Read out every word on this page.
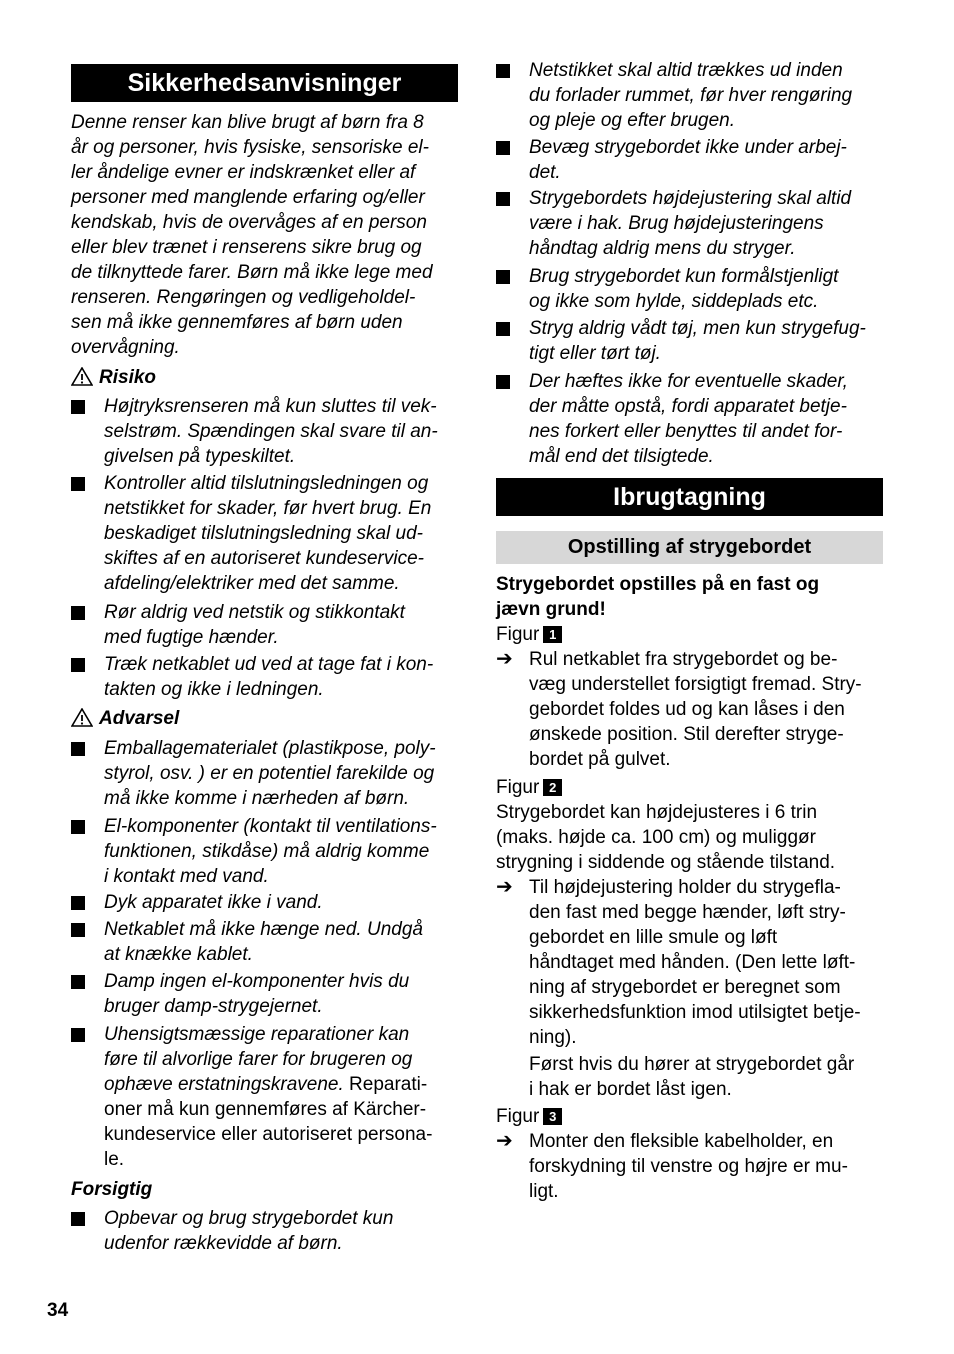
Sikkerhedsanvisninger
Denne renser kan blive brugt af børn fra 8
år og personer, hvis fysiske, sensoriske el-
ler åndelige evner er indskrænket eller af
personer med manglende erfaring og/eller
kendskab, hvis de overvåges af en person
eller blev trænet i renserens sikre brug og
de tilknyttede farer. Børn må ikke lege med
renseren. Rengøringen og vedligeholdel-
sen må ikke gennemføres af børn uden
overvågning.
Risiko
Højtryksrenseren må kun sluttes til vek-
selstrøm. Spændingen skal svare til an-
givelsen på typeskiltet.
Kontroller altid tilslutningsledningen og
netstikket for skader, før hvert brug. En
beskadiget tilslutningsledning skal ud-
skiftes af en autoriseret kundeservice-
afdeling/elektriker med det samme.
Rør aldrig ved netstik og stikkontakt
med fugtige hænder.
Træk netkablet ud ved at tage fat i kon-
takten og ikke i ledningen.
Advarsel
Emballagematerialet (plastikpose, poly-
styrol, osv. ) er en potentiel farekilde og
må ikke komme i nærheden af børn.
El-komponenter (kontakt til ventilations-
funktionen, stikdåse) må aldrig komme
i kontakt med vand.
Dyk apparatet ikke i vand.
Netkablet må ikke hænge ned. Undgå
at knække kablet.
Damp ingen el-komponenter hvis du
bruger damp-strygejernet.
Uhensigtsmæssige reparationer kan
føre til alvorlige farer for brugeren og
ophæve erstatningskravene. Reparati-
oner må kun gennemføres af Kärcher-
kundeservice eller autoriseret persona-
le.
Forsigtig
Opbevar og brug strygebordet kun
udenfor rækkevidde af børn.
Netstikket skal altid trækkes ud inden
du forlader rummet, før hver rengøring
og pleje og efter brugen.
Bevæg strygebordet ikke under arbej-
det.
Strygebordets højdejustering skal altid
være i hak. Brug højdejusteringens
håndtag aldrig mens du stryger.
Brug strygebordet kun formålstjenligt
og ikke som hylde, siddeplads etc.
Stryg aldrig vådt tøj, men kun strygefug-
tigt eller tørt tøj.
Der hæftes ikke for eventuelle skader,
der måtte opstå, fordi apparatet betje-
nes forkert eller benyttes til andet for-
mål end det tilsigtede.
Ibrugtagning
Opstilling af strygebordet
Strygebordet opstilles på en fast og
jævn grund!
Figur 1
➔ Rul netkablet fra strygebordet og be-
væg understellet forsigtigt fremad. Stry-
gebordet foldes ud og kan låses i den
ønskede position. Stil derefter stryge-
bordet på gulvet.
Figur 2
Strygebordet kan højdejusteres i 6 trin
(maks. højde ca. 100 cm) og muliggør
strygning i siddende og stående tilstand.
➔ Til højdejustering holder du strygefla-
den fast med begge hænder, løft stry-
gebordet en lille smule og løft
håndtaget med hånden. (Den lette løft-
ning af strygebordet er beregnet som
sikkerhedsfunktion imod utilsigtet betje-
ning).
Først hvis du hører at strygebordet går
i hak er bordet låst igen.
Figur 3
➔ Monter den fleksible kabelholder, en
forskydning til venstre og højre er mu-
ligt.
34
